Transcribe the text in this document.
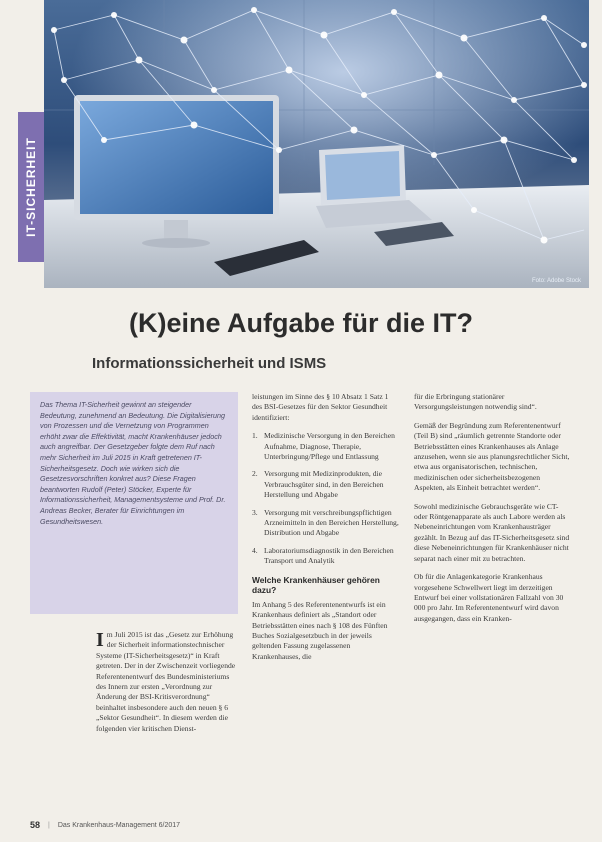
IT-SICHERHEIT
Foto: Adobe Stock
(K)eine Aufgabe für die IT?
Informationssicherheit und ISMS
Das Thema IT-Sicherheit gewinnt an steigender Bedeutung, zunehmend an Bedeutung. Die Digitalisierung von Prozessen und die Vernetzung von Programmen erhöht zwar die Effektivität, macht Krankenhäuser jedoch auch angreifbar. Der Gesetzgeber folgte dem Ruf nach mehr Sicherheit im Juli 2015 in Kraft getretenen IT-Sicherheitsgesetz. Doch wie wirken sich die Gesetzesvorschriften konkret aus? Diese Fragen beantworten Rudolf (Peter) Stöcker, Experte für Informationssicherheit, Managementsysteme und Prof. Dr. Andreas Becker, Berater für Einrichtungen im Gesundheitswesen.

Im Juli 2015 ist das „Gesetz zur Erhöhung der Sicherheit informationstechnischer Systeme (IT-Sicherheitsgesetz)“ in Kraft getreten. Der in der Zwischenzeit vorliegende Referentenentwurf des Bundesministeriums des Innern zur ersten „Verordnung zur Änderung der BSI-Kritisverordnung“ beinhaltet insbesondere auch den neuen § 6 „Sektor Gesundheit“. In diesem werden die folgenden vier kritischen Dienst-

leistungen im Sinne des § 10 Absatz 1 Satz 1 des BSI-Gesetzes für den Sektor Gesundheit identifiziert:

1. Medizinische Versorgung in den Bereichen Aufnahme, Diagnose, Therapie, Unterbringung/Pflege und Entlassung
2. Versorgung mit Medizinprodukten, die Verbrauchsgüter sind, in den Bereichen Herstellung und Abgabe
3. Versorgung mit verschreibungspflichtigen Arzneimitteln in den Bereichen Herstellung, Distribution und Abgabe
4. Laboratoriumsdiagnostik in den Bereichen Transport und Analytik
Welche Krankenhäuser gehören dazu?

Im Anhang 5 des Referentenentwurfs ist ein Krankenhaus definiert als „Standort oder Betriebsstätten eines nach § 108 des Fünften Buches Sozialgesetzbuch in der jeweils geltenden Fassung zugelassenen Krankenhauses, die

für die Erbringung stationärer Versorgungsleistungen notwendig sind“.

Gemäß der Begründung zum Referentenentwurf (Teil B) sind „räumlich getrennte Standorte oder Betriebsstätten eines Krankenhauses als Anlage anzusehen, wenn sie aus planungsrechtlicher Sicht, etwa aus organisatorischen, technischen, medizinischen oder sicherheitsbezogenen Aspekten, als Einheit betrachtet werden“.

Sowohl medizinische Gebrauchsgeräte wie CT- oder Röntgenapparate als auch Labore werden als Nebeneinrichtungen vom Krankenhausträger gezählt. In Bezug auf das IT-Sicherheitsgesetz sind diese Nebeneinrichtungen für Krankenhäuser nicht separat nach einer mit zu betrachten.

Ob für die Anlagenkategorie Krankenhaus vorgesehene Schwellwert liegt im derzeitigen Entwurf bei einer vollstationären Fallzahl von 30 000 pro Jahr. Im Referentenentwurf wird davon ausgegangen, dass ein Kranken-

58 | Das Krankenhaus-Management 6/2017
